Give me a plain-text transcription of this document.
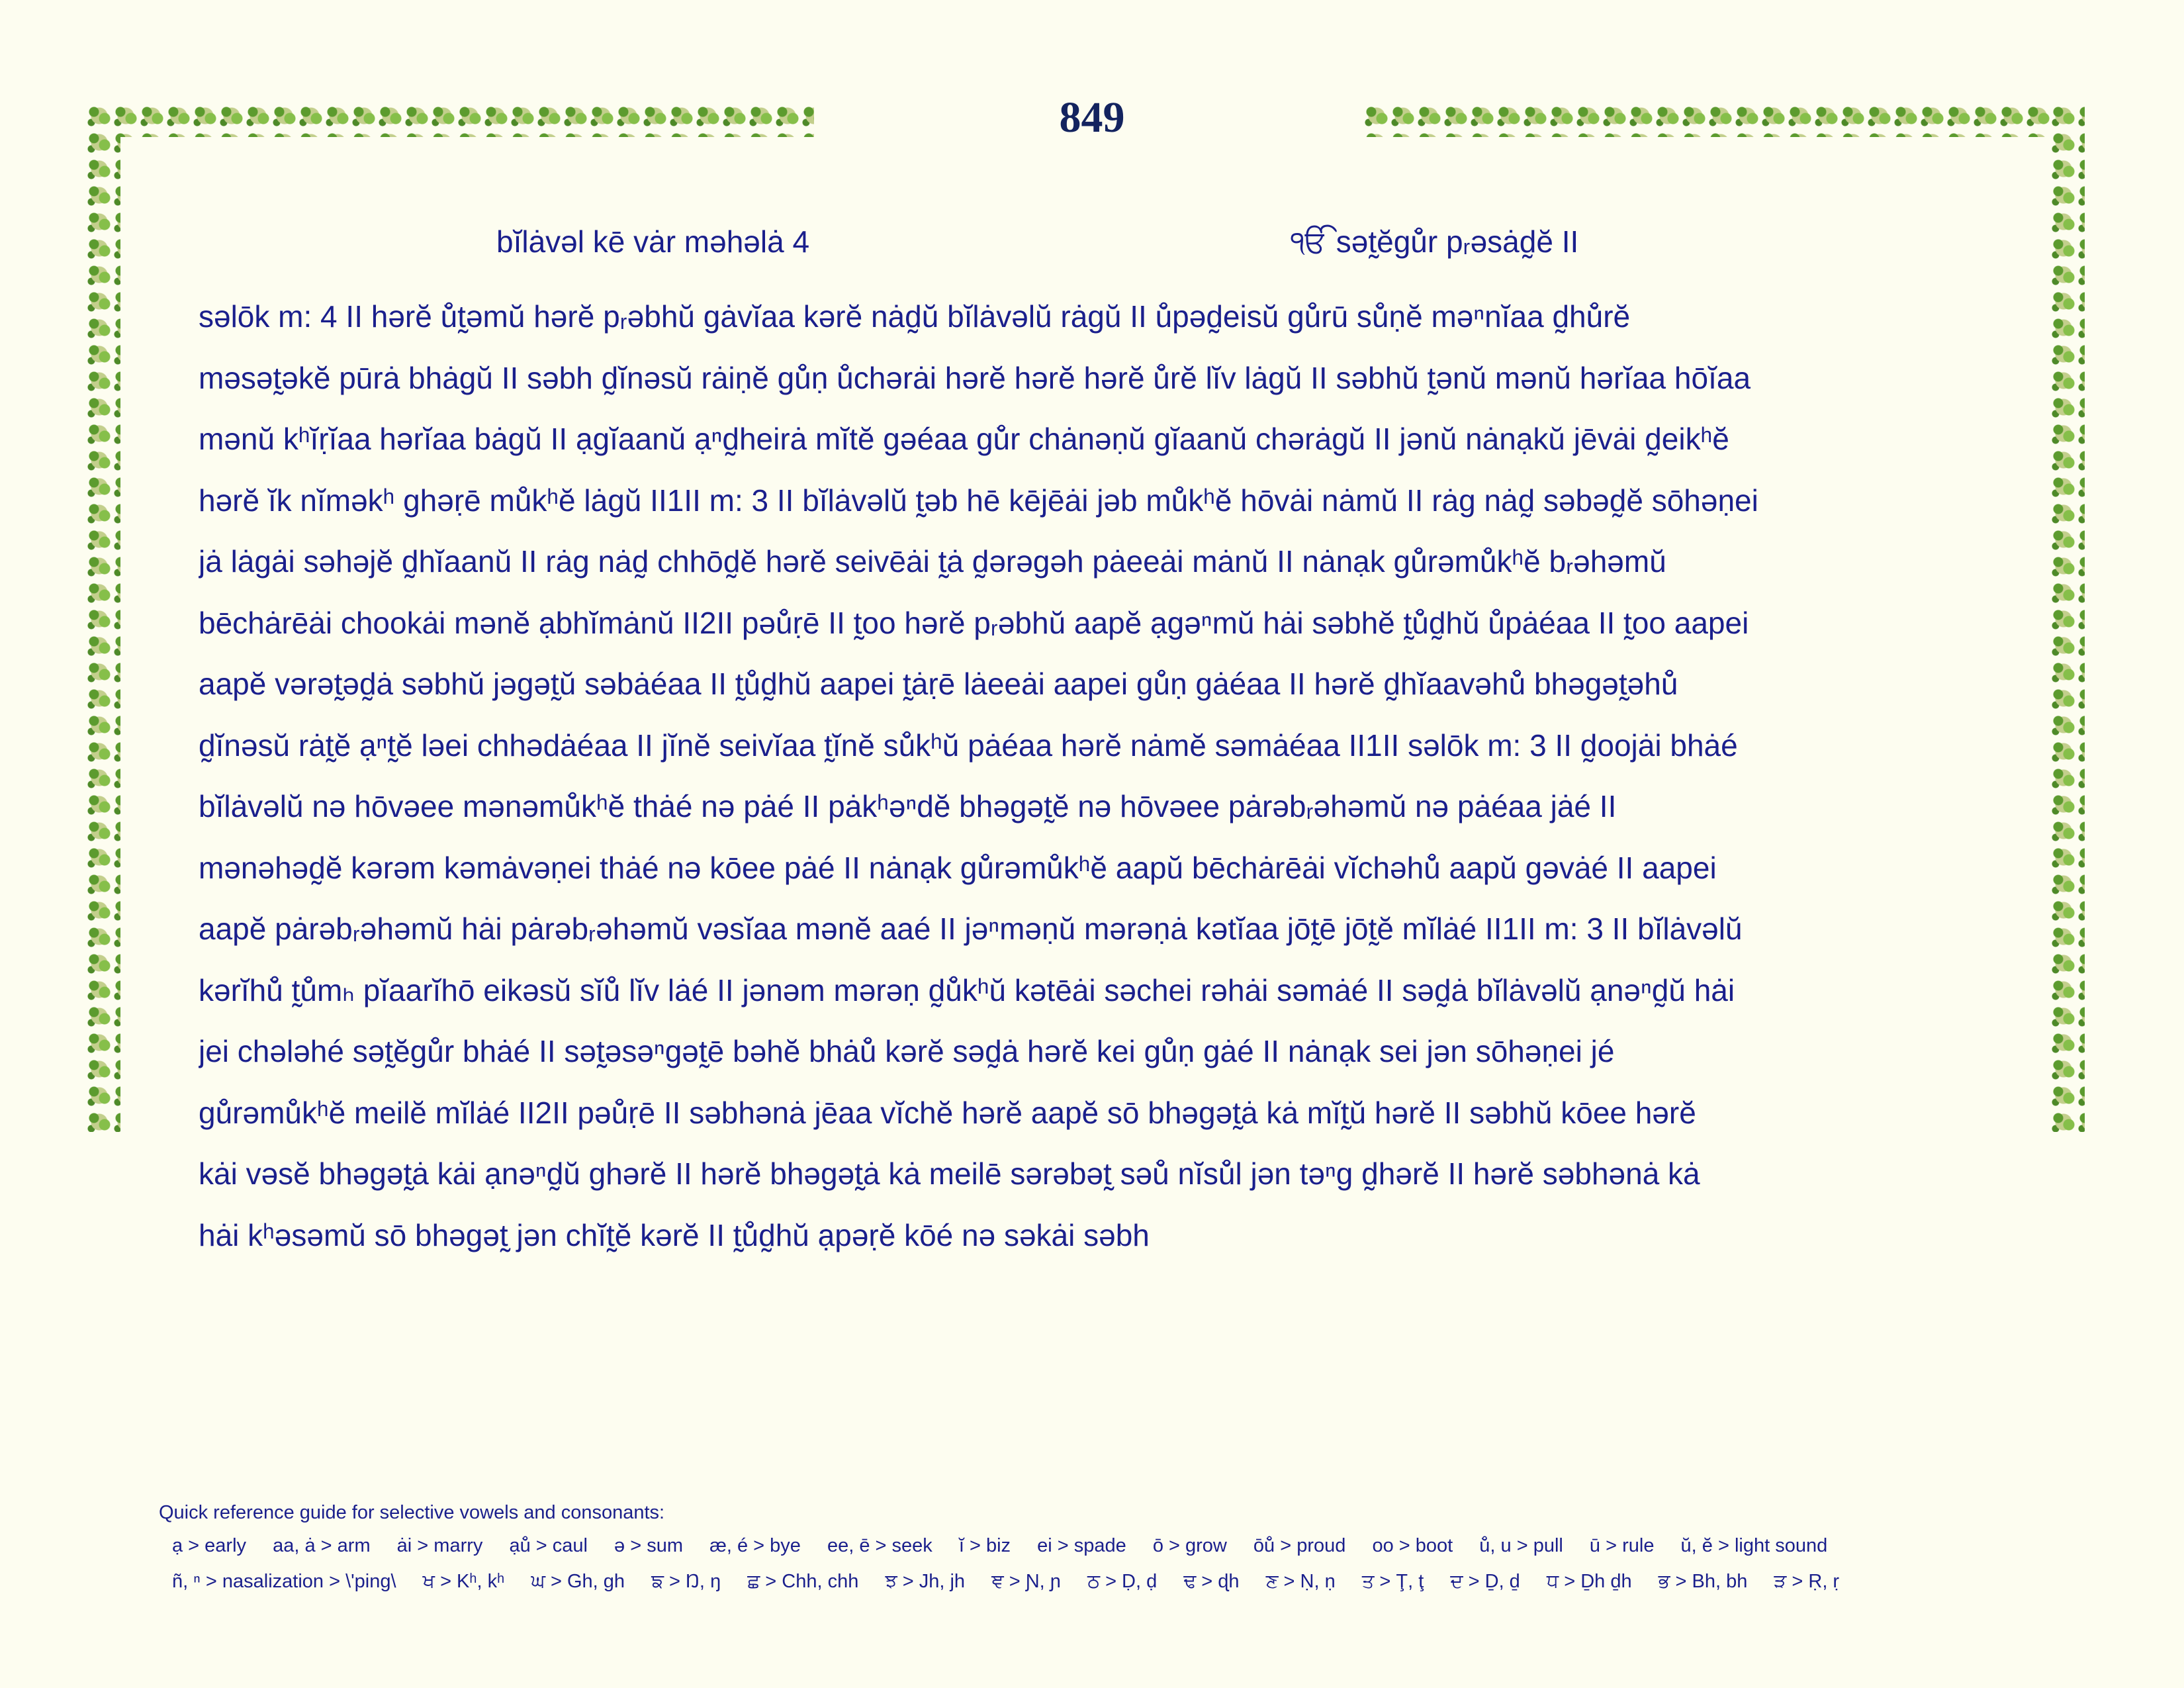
849
bĭlȧvəl kē vȧr məhəlȧ 4	ੴ sət̰ĕgů̆r pᵣəsȧd̰ĕ II
səlōk m: 4 II hərĕ ů̆t̰əmŭ hərĕ pᵣəbhŭ gȧvĭaa kərĕ nȧd̰ŭ bĭlȧvəlŭ rȧgŭ II ů̆pəd̰eisŭ gů̆rū sů̆ṇĕ məⁿnĭaa d̰hů̆rĕ
məsət̰əkĕ pūrȧ bhȧgŭ II səbh d̰ĭnəsŭ rȧiṇĕ gů̆ṇ ů̆chərȧi hərĕ hərĕ hərĕ ů̆rĕ lĭv lȧgŭ II səbhŭ t̰ənŭ mənŭ hərĭaa hōĭaa
mənŭ kʰĭṛĭaa hərĭaa bȧgŭ II ạgĭaanŭ ạⁿd̰heirȧ mĭtĕ gəéaa gů̆r chȧnəṇŭ gĭaanŭ chərȧgŭ II jənŭ nȧnạkŭ jēvȧi d̰eikʰĕ
hərĕ ĭk nĭməkʰ ghəṛē mů̆kʰĕ lȧgŭ II1II m: 3 II bĭlȧvəlŭ t̰əb hē kējēȧi jəb mů̆kʰĕ hōvȧi nȧmŭ II rȧg nȧd̰ səbəd̰ĕ sōhəṇei
jȧ lȧgȧi səhəjĕ d̰hĭaanŭ II rȧg nȧd̰ chhōd̰ĕ hərĕ seivēȧi t̰ȧ d̰ərəgəh pȧeeȧi mȧnŭ II nȧnạk gů̆rəmů̆kʰĕ bᵣəhəmŭ
bēchȧrēȧi chookȧi mənĕ ạbhĭmȧnŭ II2II pəů̆ṛē II t̰oo hərĕ pᵣəbhŭ aapĕ ạgəⁿmŭ hȧi səbhĕ t̰ů̆d̰hŭ ů̆pȧéaa II t̰oo aapei
aapĕ vərət̰əd̰ȧ səbhŭ jəgət̰ŭ səbȧéaa II t̰ů̆d̰hŭ aapei t̰ȧṛē lȧeeȧi aapei gů̆ṇ gȧéaa II hərĕ d̰hĭaavəhů̆ bhəgət̰əhů̆
d̰ĭnəsŭ rȧt̰ĕ ạⁿt̰ĕ ləei chhədȧéaa II jĭnĕ seivĭaa t̰ĭnĕ sů̆kʰŭ pȧéaa hərĕ nȧmĕ səmȧéaa II1II səlōk m: 3 II d̰oojȧi bhȧé
bĭlȧvəlŭ nə hōvəee mənəmů̆kʰĕ thȧé nə pȧé II pȧkʰəⁿdĕ bhəgət̰ĕ nə hōvəee pȧrəbᵣəhəmŭ nə pȧéaa jȧé II
mənəhəd̰ĕ kərəm kəmȧvəṇei thȧé nə kōee pȧé II nȧnạk gů̆rəmů̆kʰĕ aapŭ bēchȧrēȧi vĭchəhů̆ aapŭ gəvȧé II aapei
aapĕ pȧrəbᵣəhəmŭ hȧi pȧrəbᵣəhəmŭ vəsĭaa mənĕ aaé II jəⁿməṇŭ mərəṇȧ kətĭaa jōt̰ē jōt̰ĕ mĭlȧé II1II m: 3 II bĭlȧvəlŭ
kərĭhů̆ t̰ů̆mₕ pĭaarĭhō eikəsŭ sĭů̆ lĭv lȧé II jənəm mərəṇ d̰ů̆kʰŭ kətēȧi səchei rəhȧi səmȧé II səd̰ȧ bĭlȧvəlŭ ạnəⁿd̰ŭ hȧi
jei chələhé sət̰ĕgů̆r bhȧé II sət̰əsəⁿgət̰ē bəhĕ bhȧů̆ kərĕ səd̰ȧ hərĕ kei gů̆ṇ gȧé II nȧnạk sei jən sōhəṇei jé
gů̆rəmů̆kʰĕ meilĕ mĭlȧé II2II pəů̆ṛē II səbhənȧ jēaa vĭchĕ hərĕ aapĕ sō bhəgət̰ȧ kȧ mĭt̰ŭ hərĕ II səbhŭ kōee hərĕ
kȧi vəsĕ bhəgət̰ȧ kȧi ạnəⁿd̰ŭ ghərĕ II hərĕ bhəgət̰ȧ kȧ meilē sərəbət̰ səů̆ nĭsů̆l jən təⁿg d̰hərĕ II hərĕ səbhənȧ kȧ
hȧi kʰəsəmŭ sō bhəgət̰ jən chĭt̰ĕ kərĕ II t̰ů̆d̰hŭ ạpəṛĕ kōé nə səkȧi səbh
Quick reference guide for selective vowels and consonants:
ạ > early aa, ȧ > arm ȧi > marry ạů̆ > caul ə > sum æ, é > bye ee, ē > seek ĭ > biz ei > spade ō > grow ōů̆ > proud oo > boot ů̆, u > pull ū > rule ŭ, ĕ > light sound
ñ, ⁿ > nasalization > \'ping\ ਖ > Kʰ, kʰ ਘ > Gh, gh ਙ > Ŋ, ŋ ਛ > Chh, chh ਝ > Jh, jh ਞ > Ɲ, ɲ ਠ > Ḍ, ḍ ਢ > ɖh ਣ > Ṇ, ṇ ਤ > Ţ, ţ ਦ > Ḏ, ḏ ਧ > Ḏh ḏh ਭ > Bh, bh ੜ > Ṛ, ṛ
